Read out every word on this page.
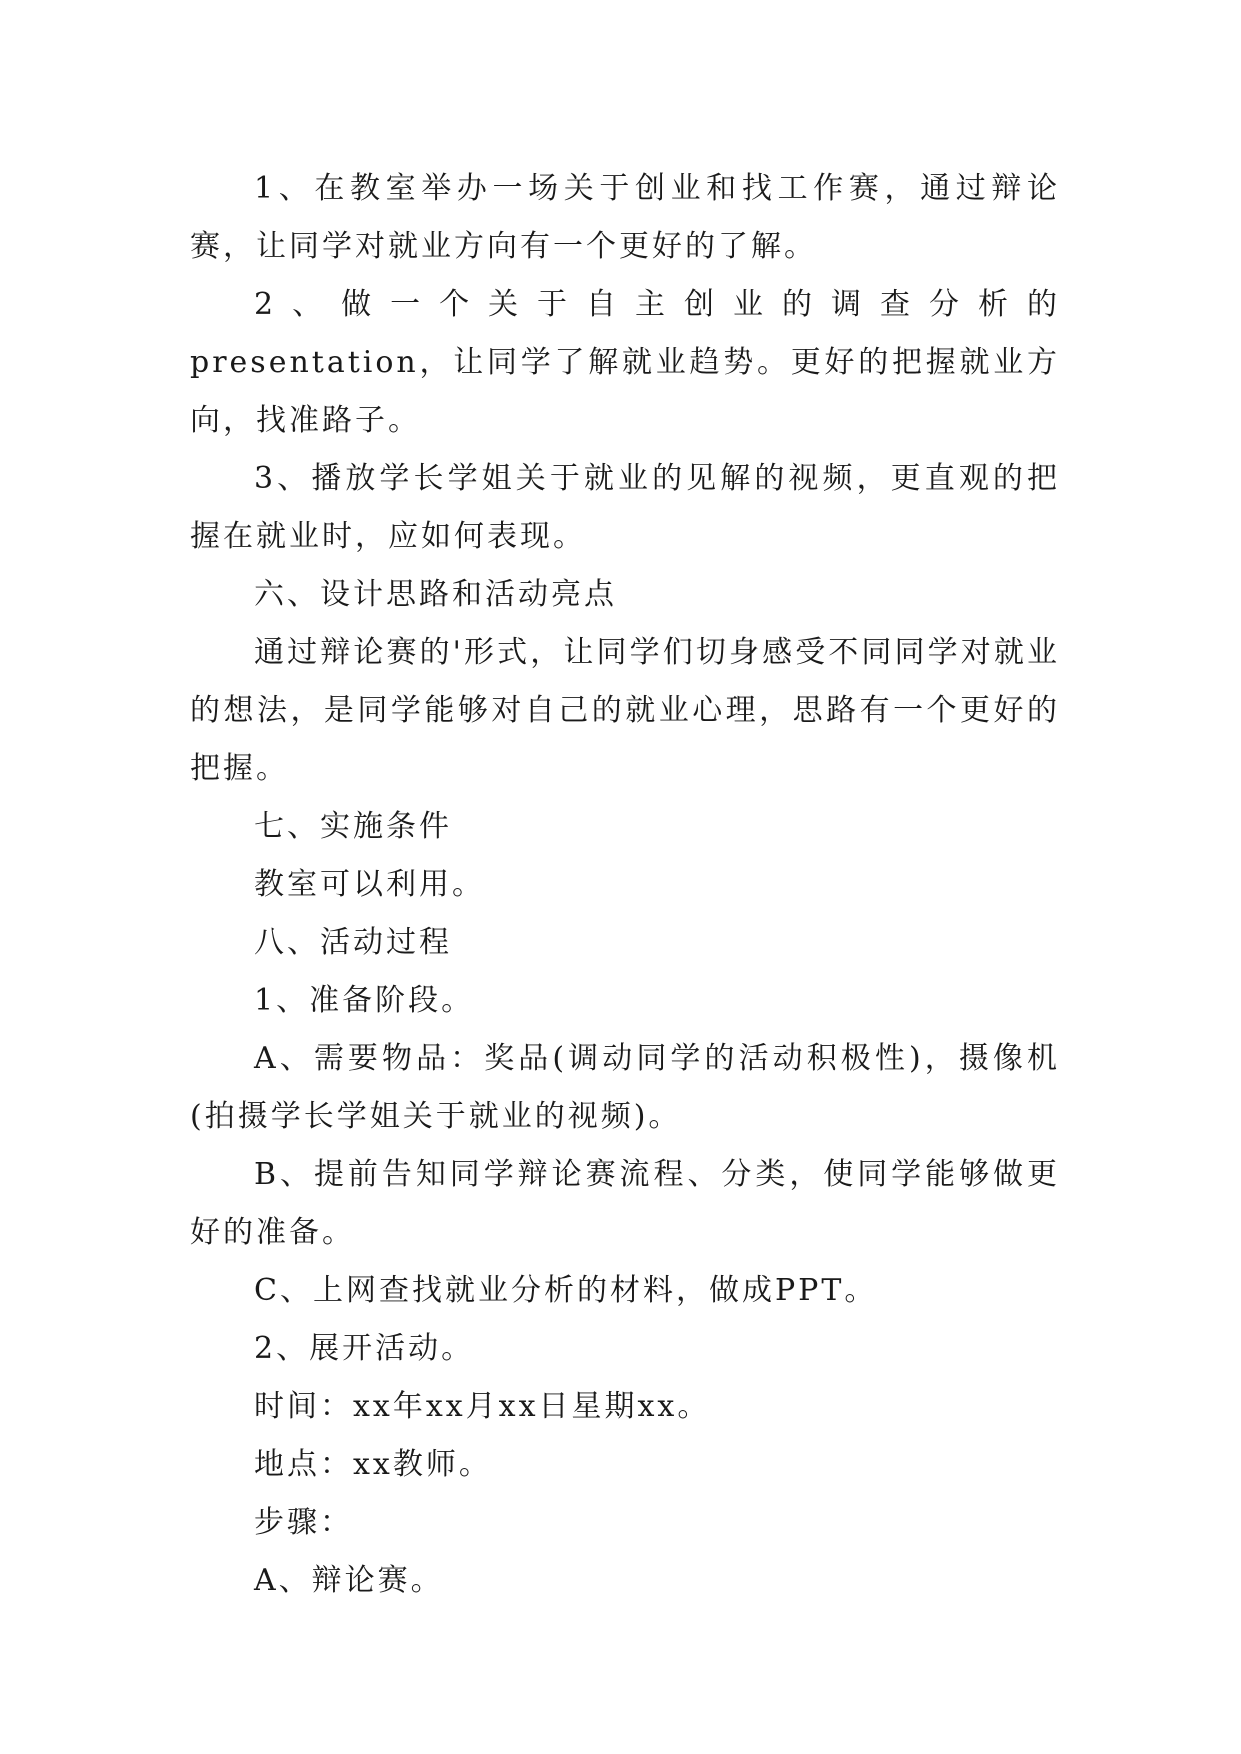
1、在教室举办一场关于创业和找工作赛，通过辩论赛，让同学对就业方向有一个更好的了解。

2、做一个关于自主创业的调查分析的presentation，让同学了解就业趋势。更好的把握就业方向，找准路子。

3、播放学长学姐关于就业的见解的视频，更直观的把握在就业时，应如何表现。

六、设计思路和活动亮点

通过辩论赛的'形式，让同学们切身感受不同同学对就业的想法，是同学能够对自己的就业心理，思路有一个更好的把握。

七、实施条件

教室可以利用。

八、活动过程

1、准备阶段。

A、需要物品：奖品(调动同学的活动积极性)，摄像机(拍摄学长学姐关于就业的视频)。

B、提前告知同学辩论赛流程、分类，使同学能够做更好的准备。

C、上网查找就业分析的材料，做成PPT。

2、展开活动。

时间：xx年xx月xx日星期xx。

地点：xx教师。

步骤：

A、辩论赛。
